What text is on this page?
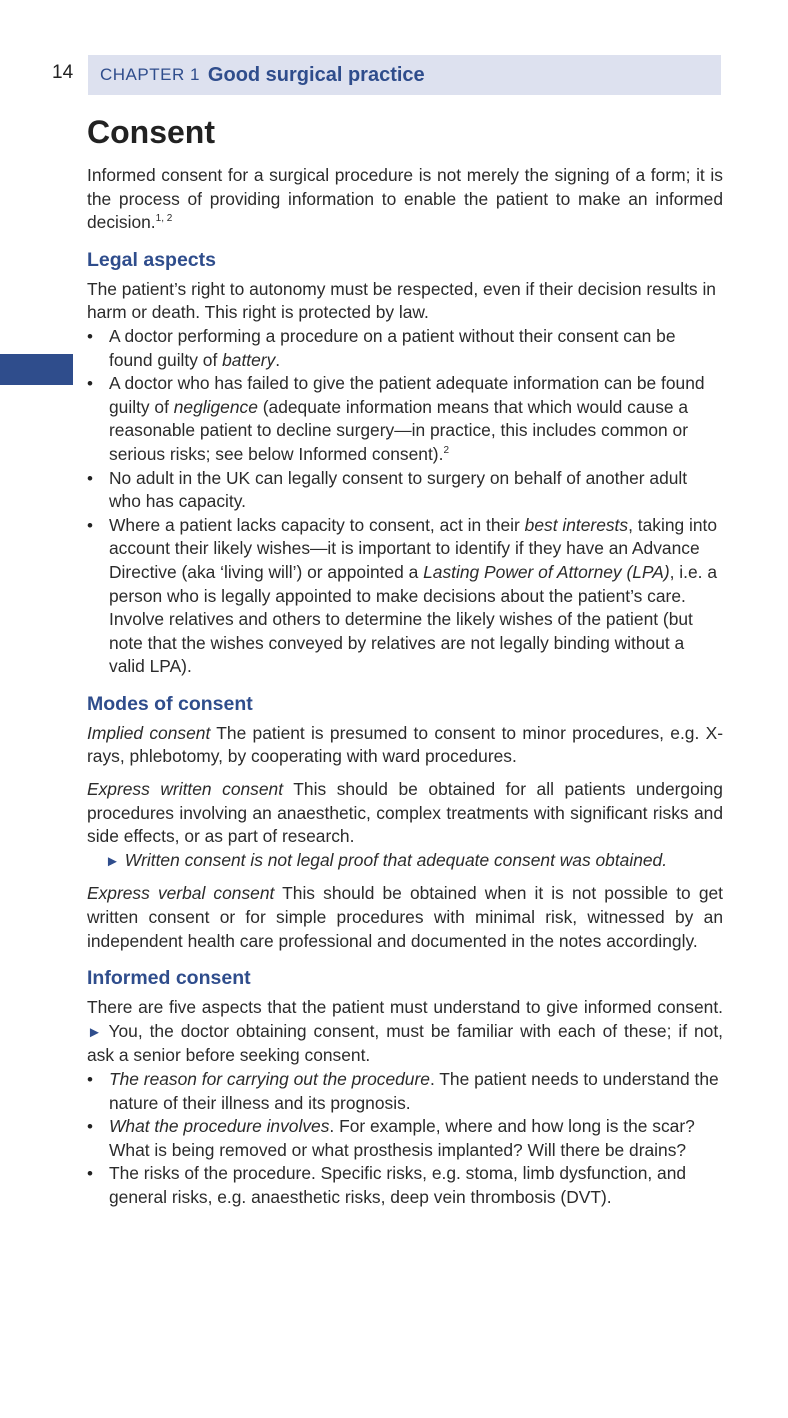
14 CHAPTER 1 Good surgical practice
Consent

Informed consent for a surgical procedure is not merely the signing of a form; it is the process of providing information to enable the patient to make an informed decision.$^{1, 2}$

Legal aspects

The patient’s right to autonomy must be respected, even if their decision results in harm or death. This right is protected by law.

• A doctor performing a procedure on a patient without their consent can be found guilty of battery.
• A doctor who has failed to give the patient adequate information can be found guilty of negligence (adequate information means that which would cause a reasonable patient to decline surgery—in practice, this includes common or serious risks; see below Informed consent).$^2$
• No adult in the UK can legally consent to surgery on behalf of another adult who has capacity.
• Where a patient lacks capacity to consent, act in their best interests, taking into account their likely wishes—it is important to identify if they have an Advance Directive (aka ‘living will’) or appointed a Lasting Power of Attorney (LPA), i.e. a person who is legally appointed to make decisions about the patient’s care. Involve relatives and others to determine the likely wishes of the patient (but note that the wishes conveyed by relatives are not legally binding without a valid LPA).
Modes of consent

Implied consent The patient is presumed to consent to minor procedures, e.g. X-rays, phlebotomy, by cooperating with ward procedures.

Express written consent This should be obtained for all patients undergoing procedures involving an anaesthetic, complex treatments with significant risks and side effects, or as part of research.

► Written consent is not legal proof that adequate consent was obtained.

Express verbal consent This should be obtained when it is not possible to get written consent or for simple procedures with minimal risk, witnessed by an independent health care professional and documented in the notes accordingly.

Informed consent

There are five aspects that the patient must understand to give informed consent. ► You, the doctor obtaining consent, must be familiar with each of these; if not, ask a senior before seeking consent.

• The reason for carrying out the procedure. The patient needs to understand the nature of their illness and its prognosis.
• What the procedure involves. For example, where and how long is the scar? What is being removed or what prosthesis implanted? Will there be drains?
• The risks of the procedure. Specific risks, e.g. stoma, limb dysfunction, and general risks, e.g. anaesthetic risks, deep vein thrombosis (DVT).
